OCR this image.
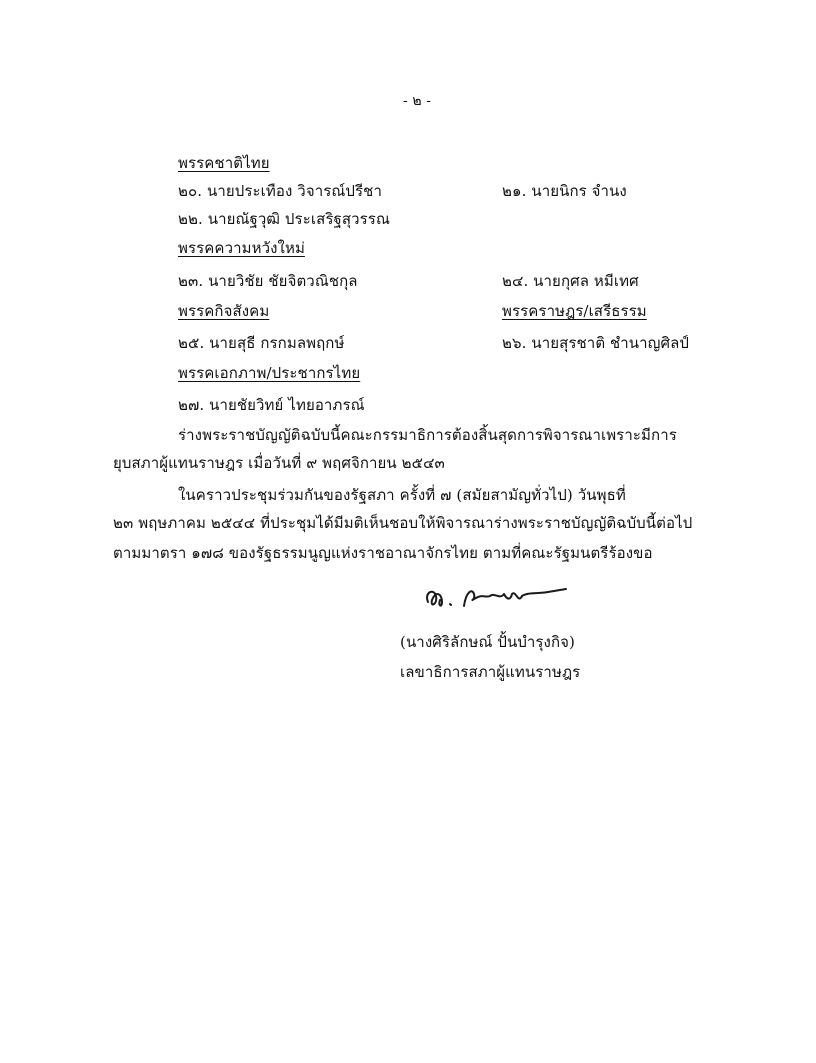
- ๒ -
พรรคชาติไทย
๒๐. นายประเทือง วิจารณ์ปรีชา	๒๑. นายนิกร จำนง
๒๒. นายณัฐวุฒิ ประเสริฐสุวรรณ
พรรคความหวังใหม่
๒๓. นายวิชัย ชัยจิตวณิชกุล	๒๔. นายกุศล หมีเทศ
พรรคกิจสังคม	พรรคราษฎร/เสรีธรรม
๒๕. นายสุธี กรกมลพฤกษ์	๒๖. นายสุรชาติ ชำนาญศิลป์
พรรคเอกภาพ/ประชากรไทย
๒๗. นายชัยวิทย์ ไทยอาภรณ์
ร่างพระราชบัญญัติฉบับนี้คณะกรรมาธิการต้องสิ้นสุดการพิจารณาเพราะมีการ
ยุบสภาผู้แทนราษฎร เมื่อวันที่ ๙ พฤศจิกายน ๒๕๔๓
ในคราวประชุมร่วมกันของรัฐสภา ครั้งที่ ๗ (สมัยสามัญทั่วไป) วันพุธที่
๒๓ พฤษภาคม ๒๕๔๔ ที่ประชุมได้มีมติเห็นชอบให้พิจารณาร่างพระราชบัญญัติฉบับนี้ต่อไป
ตามมาตรา ๑๗๘ ของรัฐธรรมนูญแห่งราชอาณาจักรไทย ตามที่คณะรัฐมนตรีร้องขอ
(นางศิริลักษณ์ ปั้นบำรุงกิจ)
เลขาธิการสภาผู้แทนราษฎร
